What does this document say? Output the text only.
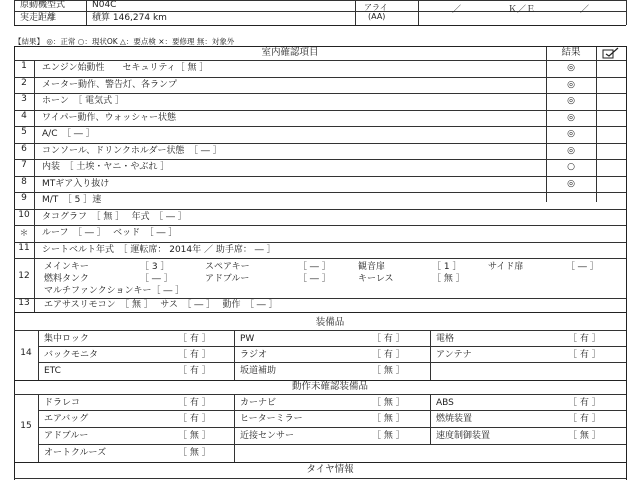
原動機型式	N04C
実走距離	積算 146,274 km
アライ
(AA)
／	Ｋ／Ｅ	／
【結果】 ◎：正常 ○：現状OK △：要点検 ×：要修理 無：対象外
室内確認項目	結果
1	エンジン始動性　　セキュリティ［ 無 ］	◎
2	メーター動作、警告灯、各ランプ	◎
3	ホーン　［ 電気式 ］	◎
4	ワイパー動作、ウォッシャー状態	◎
5	A/C　［ ― ］	◎
6	コンソール、ドリンクホルダー状態　［ ― ］	◎
7	内装　［ 土埃・ヤニ・やぶれ ］	○
8	MTギア入り抜け	◎
9	M/T　［ 5 ］速
10	タコグラフ　［ 無 ］　 年式　［ ― ］
＊	ルーフ　［ ― ］　 ベッド　［ ― ］
11	シートベルト年式　［ 運転席： 2014年 ／ 助手席： ― ］
12
メインキー	［ 3 ］	スペアキー	［ ― ］	観音扉	［ 1 ］	サイド扉	［ ― ］
燃料タンク	［ ― ］	アドブルー	［ ― ］	キーレス	［ 無 ］
マルチファンクションキー［ ― ］
13	エアサスリモコン　［ 無 ］　 サス　［ ― ］　 動作　［ ― ］
装備品
14
集中ロック	［ 有 ］	PW	［ 有 ］	電格	［ 有 ］
バックモニタ	［ 有 ］	ラジオ	［ 有 ］	アンテナ	［ 有 ］
ETC	［ 有 ］	坂道補助	［ 無 ］
動作未確認装備品
15
ドラレコ	［ 有 ］	カーナビ	［ 無 ］	ABS	［ 有 ］
エアバッグ	［ 有 ］	ヒーターミラー	［ 無 ］	燃焼装置	［ 有 ］
アドブルー	［ 無 ］	近接センサー	［ 無 ］	速度制御装置	［ 無 ］
オートクルーズ	［ 無 ］
タイヤ情報
